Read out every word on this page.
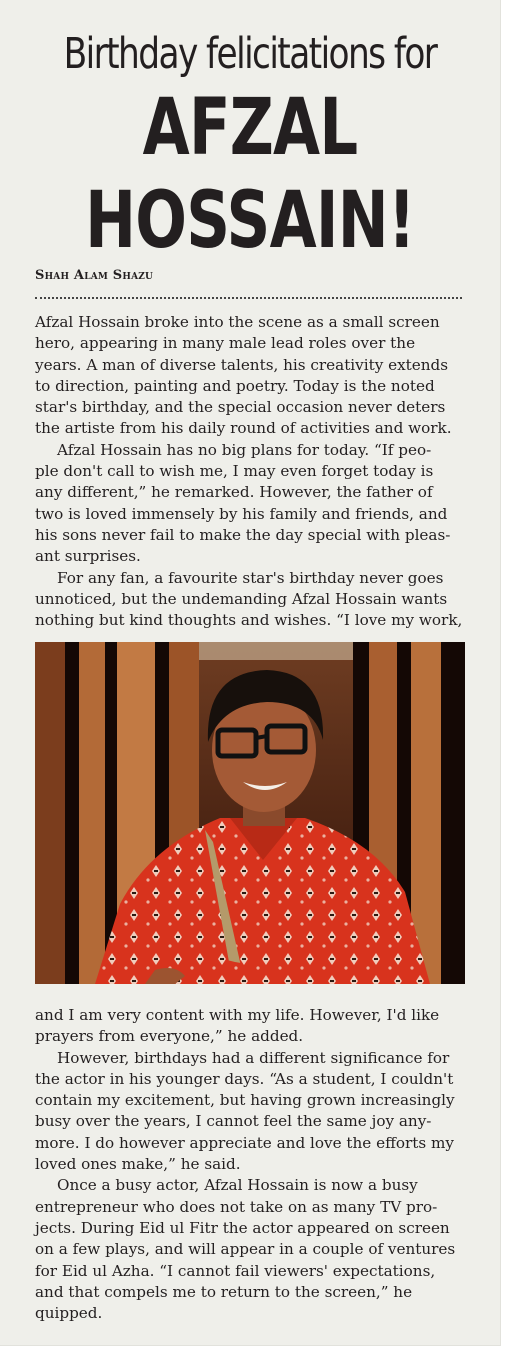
Birthday felicitations for
AFZAL
HOSSAIN!
Shah Alam Shazu

Afzal Hossain broke into the scene as a small screen

hero, appearing in many male lead roles over the

years. A man of diverse talents, his creativity extends

to direction, painting and poetry. Today is the noted

star's birthday, and the special occasion never deters

the artiste from his daily round of activities and work.

Afzal Hossain has no big plans for today. “If peo-

ple don't call to wish me, I may even forget today is

any different,” he remarked. However, the father of

two is loved immensely by his family and friends, and

his sons never fail to make the day special with pleas-

ant surprises.

For any fan, a favourite star's birthday never goes

unnoticed, but the undemanding Afzal Hossain wants

nothing but kind thoughts and wishes. “I love my work,

and I am very content with my life. However, I'd like

prayers from everyone,” he added.

However, birthdays had a different significance for

the actor in his younger days. “As a student, I couldn't

contain my excitement, but having grown increasingly

busy over the years, I cannot feel the same joy any-

more. I do however appreciate and love the efforts my

loved ones make,” he said.

Once a busy actor, Afzal Hossain is now a busy

entrepreneur who does not take on as many TV pro-

jects. During Eid ul Fitr the actor appeared on screen

on a few plays, and will appear in a couple of ventures

for Eid ul Azha. “I cannot fail viewers' expectations,

and that compels me to return to the screen,” he

quipped.
